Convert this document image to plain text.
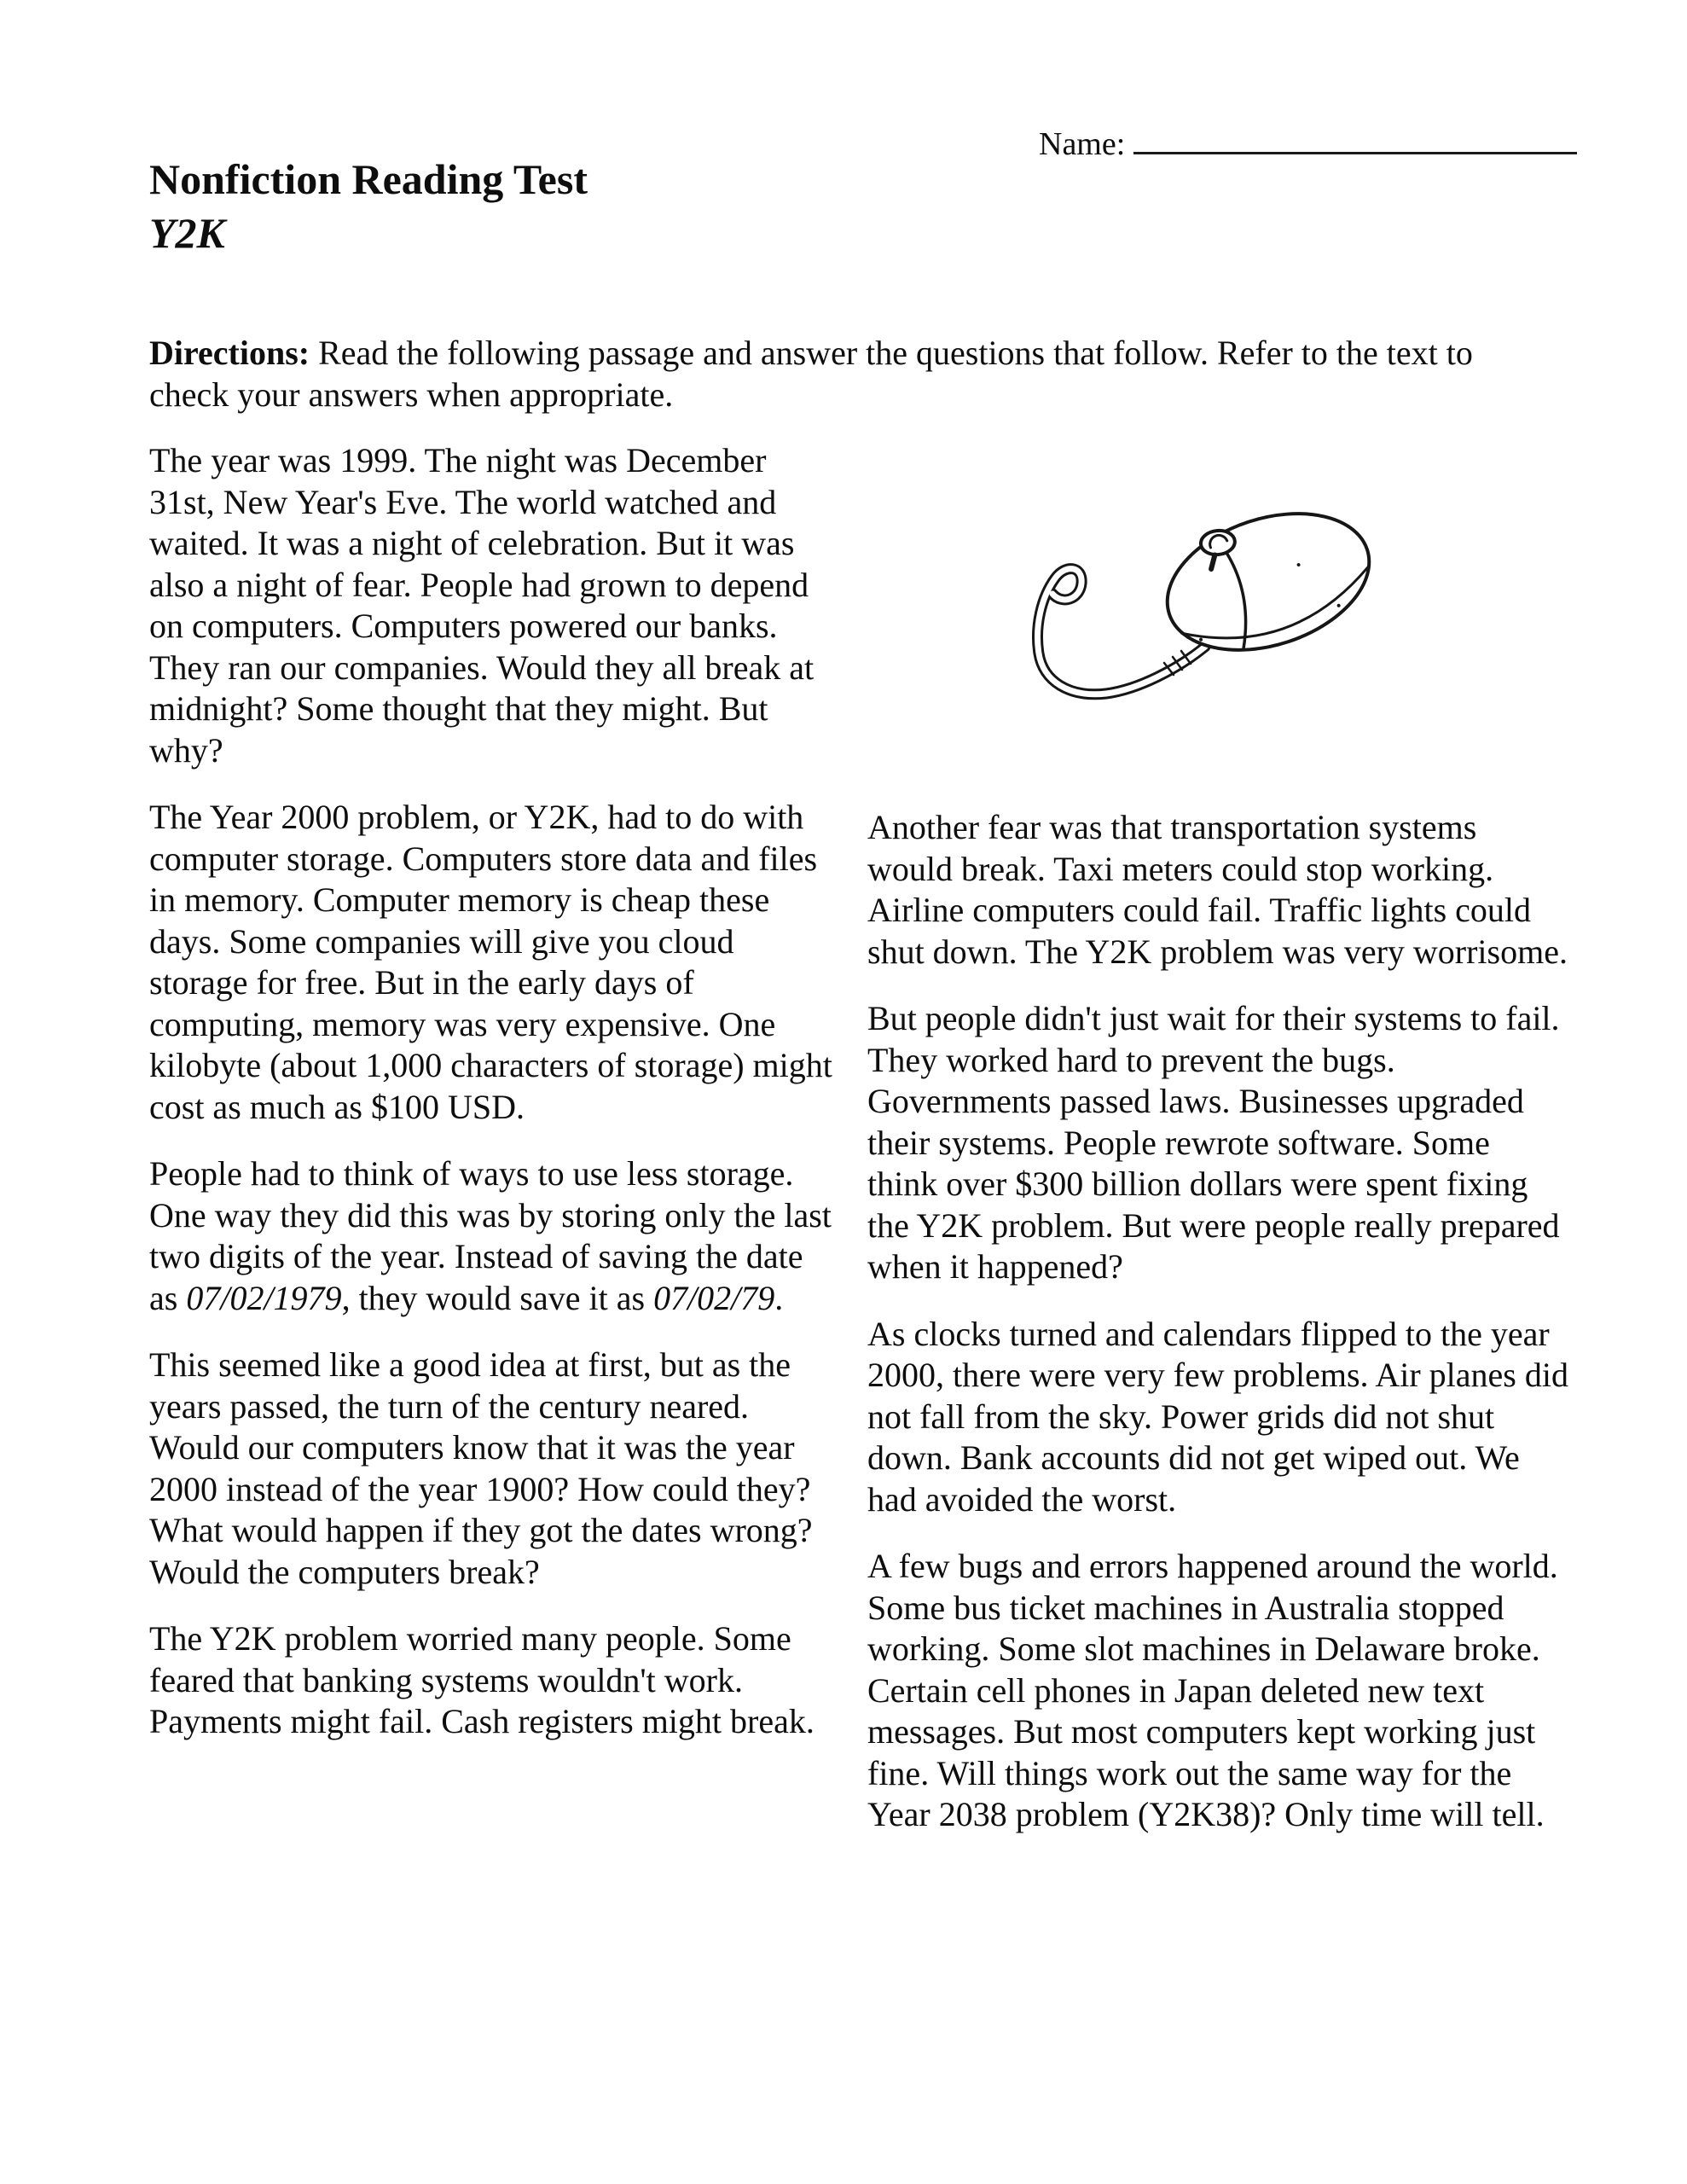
Name:
Nonfiction Reading Test
Y2K
Directions: Read the following passage and answer the questions that follow. Refer to the text to check your answers when appropriate.

The year was 1999. The night was December 31st, New Year's Eve. The world watched and waited. It was a night of celebration. But it was also a night of fear. People had grown to depend on computers. Computers powered our banks. They ran our companies. Would they all break at midnight? Some thought that they might. But why?

The Year 2000 problem, or Y2K, had to do with computer storage. Computers store data and files in memory. Computer memory is cheap these days. Some companies will give you cloud storage for free. But in the early days of computing, memory was very expensive. One kilobyte (about 1,000 characters of storage) might cost as much as $100 USD.

People had to think of ways to use less storage. One way they did this was by storing only the last two digits of the year. Instead of saving the date as 07/02/1979, they would save it as 07/02/79.

This seemed like a good idea at first, but as the years passed, the turn of the century neared. Would our computers know that it was the year 2000 instead of the year 1900? How could they? What would happen if they got the dates wrong? Would the computers break?

The Y2K problem worried many people. Some feared that banking systems wouldn't work. Payments might fail. Cash registers might break.

Another fear was that transportation systems would break. Taxi meters could stop working. Airline computers could fail. Traffic lights could shut down. The Y2K problem was very worrisome.

But people didn't just wait for their systems to fail. They worked hard to prevent the bugs. Governments passed laws. Businesses upgraded their systems. People rewrote software. Some think over $300 billion dollars were spent fixing the Y2K problem. But were people really prepared when it happened?

As clocks turned and calendars flipped to the year 2000, there were very few problems. Air planes did not fall from the sky. Power grids did not shut down. Bank accounts did not get wiped out. We had avoided the worst.

A few bugs and errors happened around the world. Some bus ticket machines in Australia stopped working. Some slot machines in Delaware broke. Certain cell phones in Japan deleted new text messages. But most computers kept working just fine. Will things work out the same way for the Year 2038 problem (Y2K38)? Only time will tell.
